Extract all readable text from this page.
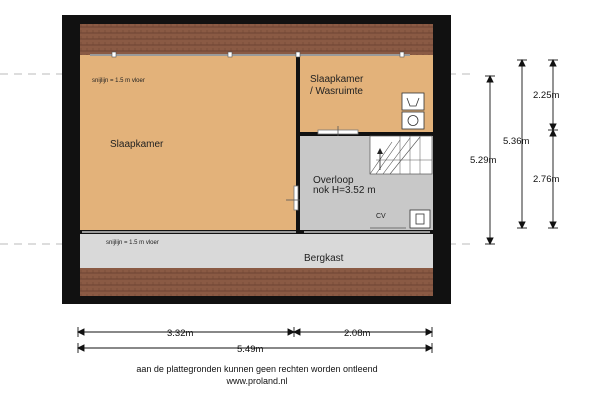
Slaapkamer
Slaapkamer
/ Wasruimte
Overloop
nok H=3.52 m
Bergkast
CV
snijlijn = 1.5 m vloer
snijlijn = 1.5 m vloer
2.25m
2.76m
5.36m
5.29m
3.32m	2.08m
5.49m
aan de plattegronden kunnen geen rechten worden ontleend
www.proland.nl
